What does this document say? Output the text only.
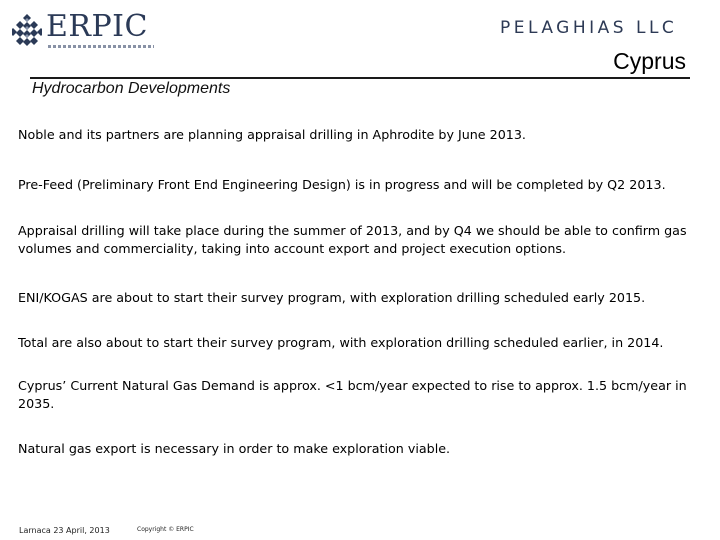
ERPIC	PELAGHIAS LLC
Cyprus
Hydrocarbon Developments
Noble and its partners are planning appraisal drilling in Aphrodite by June 2013.
Pre-Feed (Preliminary Front End Engineering Design) is in progress and will be completed by Q2 2013.
Appraisal drilling will take place during the summer of 2013, and by Q4 we should be able to confirm gas volumes and commerciality, taking into account export and project execution options.
ENI/KOGAS are about to start their survey program, with exploration drilling scheduled early 2015.
Total are also about to start their survey program, with exploration drilling scheduled earlier, in 2014.
Cyprus’ Current Natural Gas Demand is approx. <1 bcm/year expected to rise to approx. 1.5 bcm/year in 2035.
Natural gas export is necessary in order to make exploration viable.
Larnaca 23 April, 2013	Copyright © ERPIC
